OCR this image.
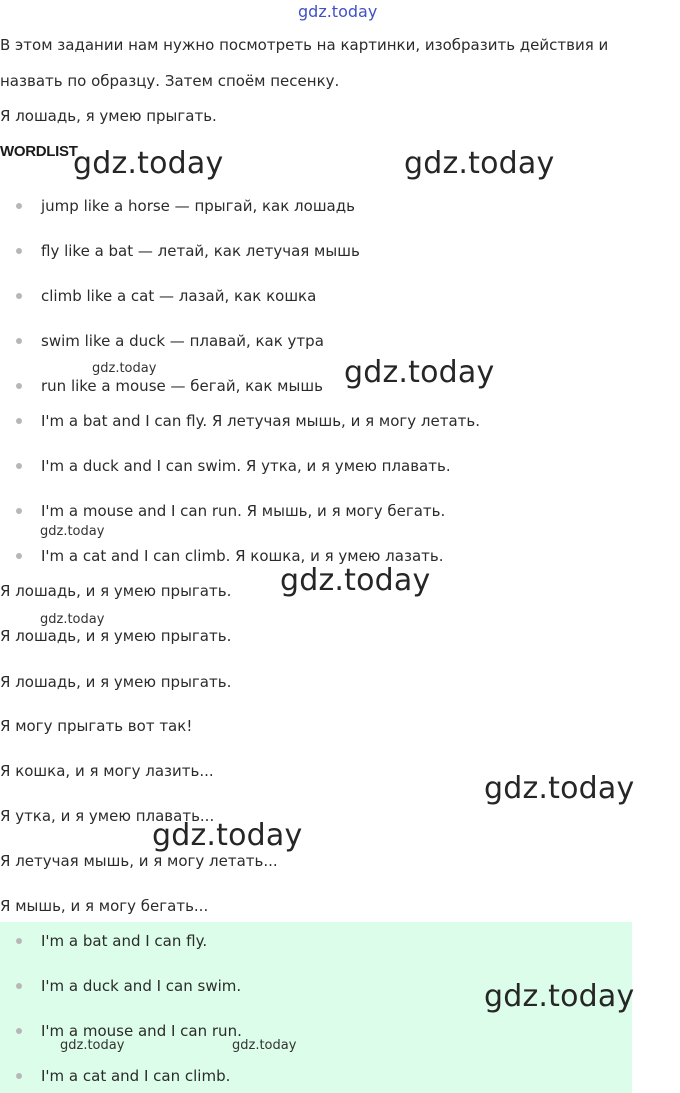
gdz.today
В этом задании нам нужно посмотреть на картинки, изобразить действия и
назвать по образцу. Затем споём песенку.
Я лошадь, я умею прыгать.
WORDLIST
jump like a horse — прыгай, как лошадь
fly like a bat — летай, как летучая мышь
climb like a cat — лазай, как кошка
swim like a duck — плавай, как утра
run like a mouse — бегай, как мышь
I'm a bat and I can fly. Я летучая мышь, и я могу летать.
I'm a duck and I can swim. Я утка, и я умею плавать.
I'm a mouse and I can run. Я мышь, и я могу бегать.
I'm a cat and I can climb. Я кошка, и я умею лазать.
Я лошадь, и я умею прыгать.
Я лошадь, и я умею прыгать.
Я лошадь, и я умею прыгать.
Я могу прыгать вот так!
Я кошка, и я могу лазить...
Я утка, и я умею плавать...
Я летучая мышь, и я могу летать...
Я мышь, и я могу бегать...
I'm a bat and I can fly.
I'm a duck and I can swim.
I'm a mouse and I can run.
I'm a cat and I can climb.
gdz.today	gdz.today
gdz.today	gdz.today
gdz.today
gdz.today
gdz.today
gdz.today
gdz.today
gdz.today
gdz.today	gdz.today
